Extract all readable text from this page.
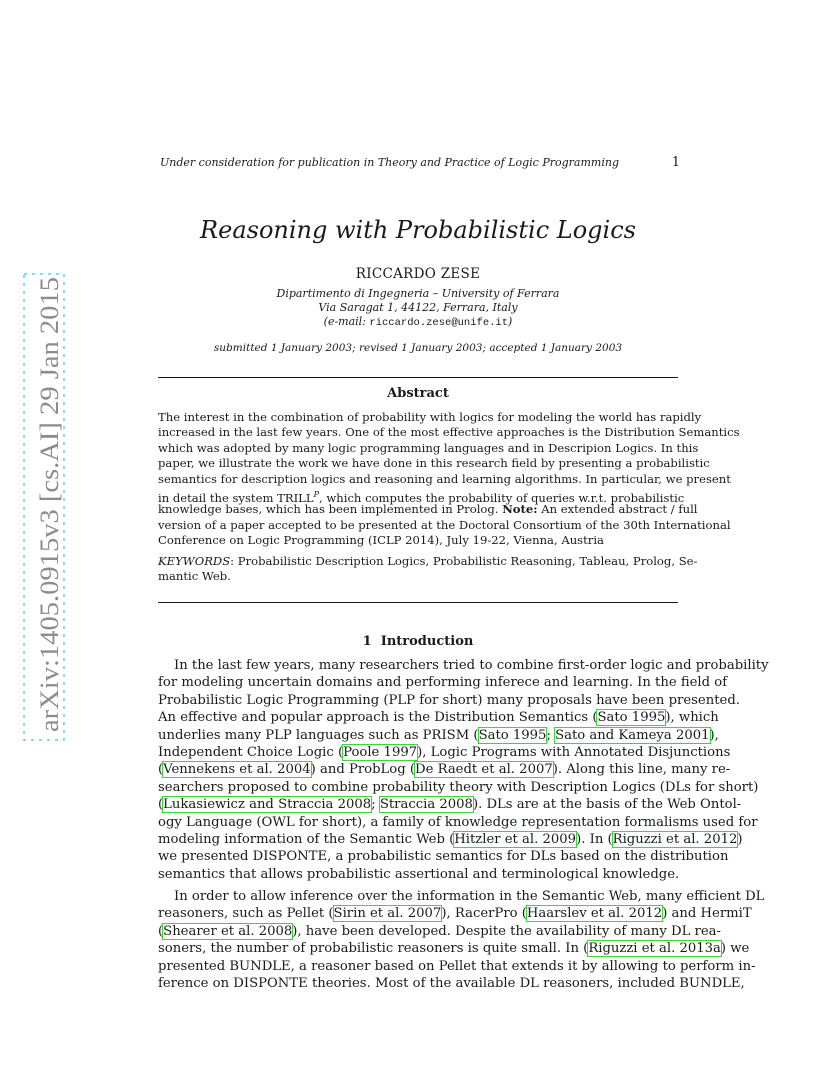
arXiv:1405.0915v3 [cs.AI] 29 Jan 2015
Under consideration for publication in Theory and Practice of Logic Programming	1
Reasoning with Probabilistic Logics
RICCARDO ZESE
Dipartimento di Ingegneria – University of Ferrara
Via Saragat 1, 44122, Ferrara, Italy
(e-mail: riccardo.zese@unife.it)
submitted 1 January 2003; revised 1 January 2003; accepted 1 January 2003
Abstract
The interest in the combination of probability with logics for modeling the world has rapidly
increased in the last few years. One of the most effective approaches is the Distribution Semantics
which was adopted by many logic programming languages and in Descripion Logics. In this
paper, we illustrate the work we have done in this research field by presenting a probabilistic
semantics for description logics and reasoning and learning algorithms. In particular, we present
in detail the system $TRILL^P$, which computes the probability of queries w.r.t. probabilistic
knowledge bases, which has been implemented in Prolog. Note: An extended abstract / full
version of a paper accepted to be presented at the Doctoral Consortium of the 30th International
Conference on Logic Programming (ICLP 2014), July 19-22, Vienna, Austria
KEYWORDS: Probabilistic Description Logics, Probabilistic Reasoning, Tableau, Prolog, Se-
mantic Web.
1 Introduction
In the last few years, many researchers tried to combine first-order logic and probability
for modeling uncertain domains and performing inferece and learning. In the field of
Probabilistic Logic Programming (PLP for short) many proposals have been presented.
An effective and popular approach is the Distribution Semantics (Sato 1995), which
underlies many PLP languages such as PRISM (Sato 1995; Sato and Kameya 2001),
Independent Choice Logic (Poole 1997), Logic Programs with Annotated Disjunctions
(Vennekens et al. 2004) and ProbLog (De Raedt et al. 2007). Along this line, many re-
searchers proposed to combine probability theory with Description Logics (DLs for short)
(Lukasiewicz and Straccia 2008; Straccia 2008). DLs are at the basis of the Web Ontol-
ogy Language (OWL for short), a family of knowledge representation formalisms used for
modeling information of the Semantic Web (Hitzler et al. 2009). In (Riguzzi et al. 2012)
we presented DISPONTE, a probabilistic semantics for DLs based on the distribution
semantics that allows probabilistic assertional and terminological knowledge.
In order to allow inference over the information in the Semantic Web, many efficient DL
reasoners, such as Pellet (Sirin et al. 2007), RacerPro (Haarslev et al. 2012) and HermiT
(Shearer et al. 2008), have been developed. Despite the availability of many DL rea-
soners, the number of probabilistic reasoners is quite small. In (Riguzzi et al. 2013a) we
presented BUNDLE, a reasoner based on Pellet that extends it by allowing to perform in-
ference on DISPONTE theories. Most of the available DL reasoners, included BUNDLE,
